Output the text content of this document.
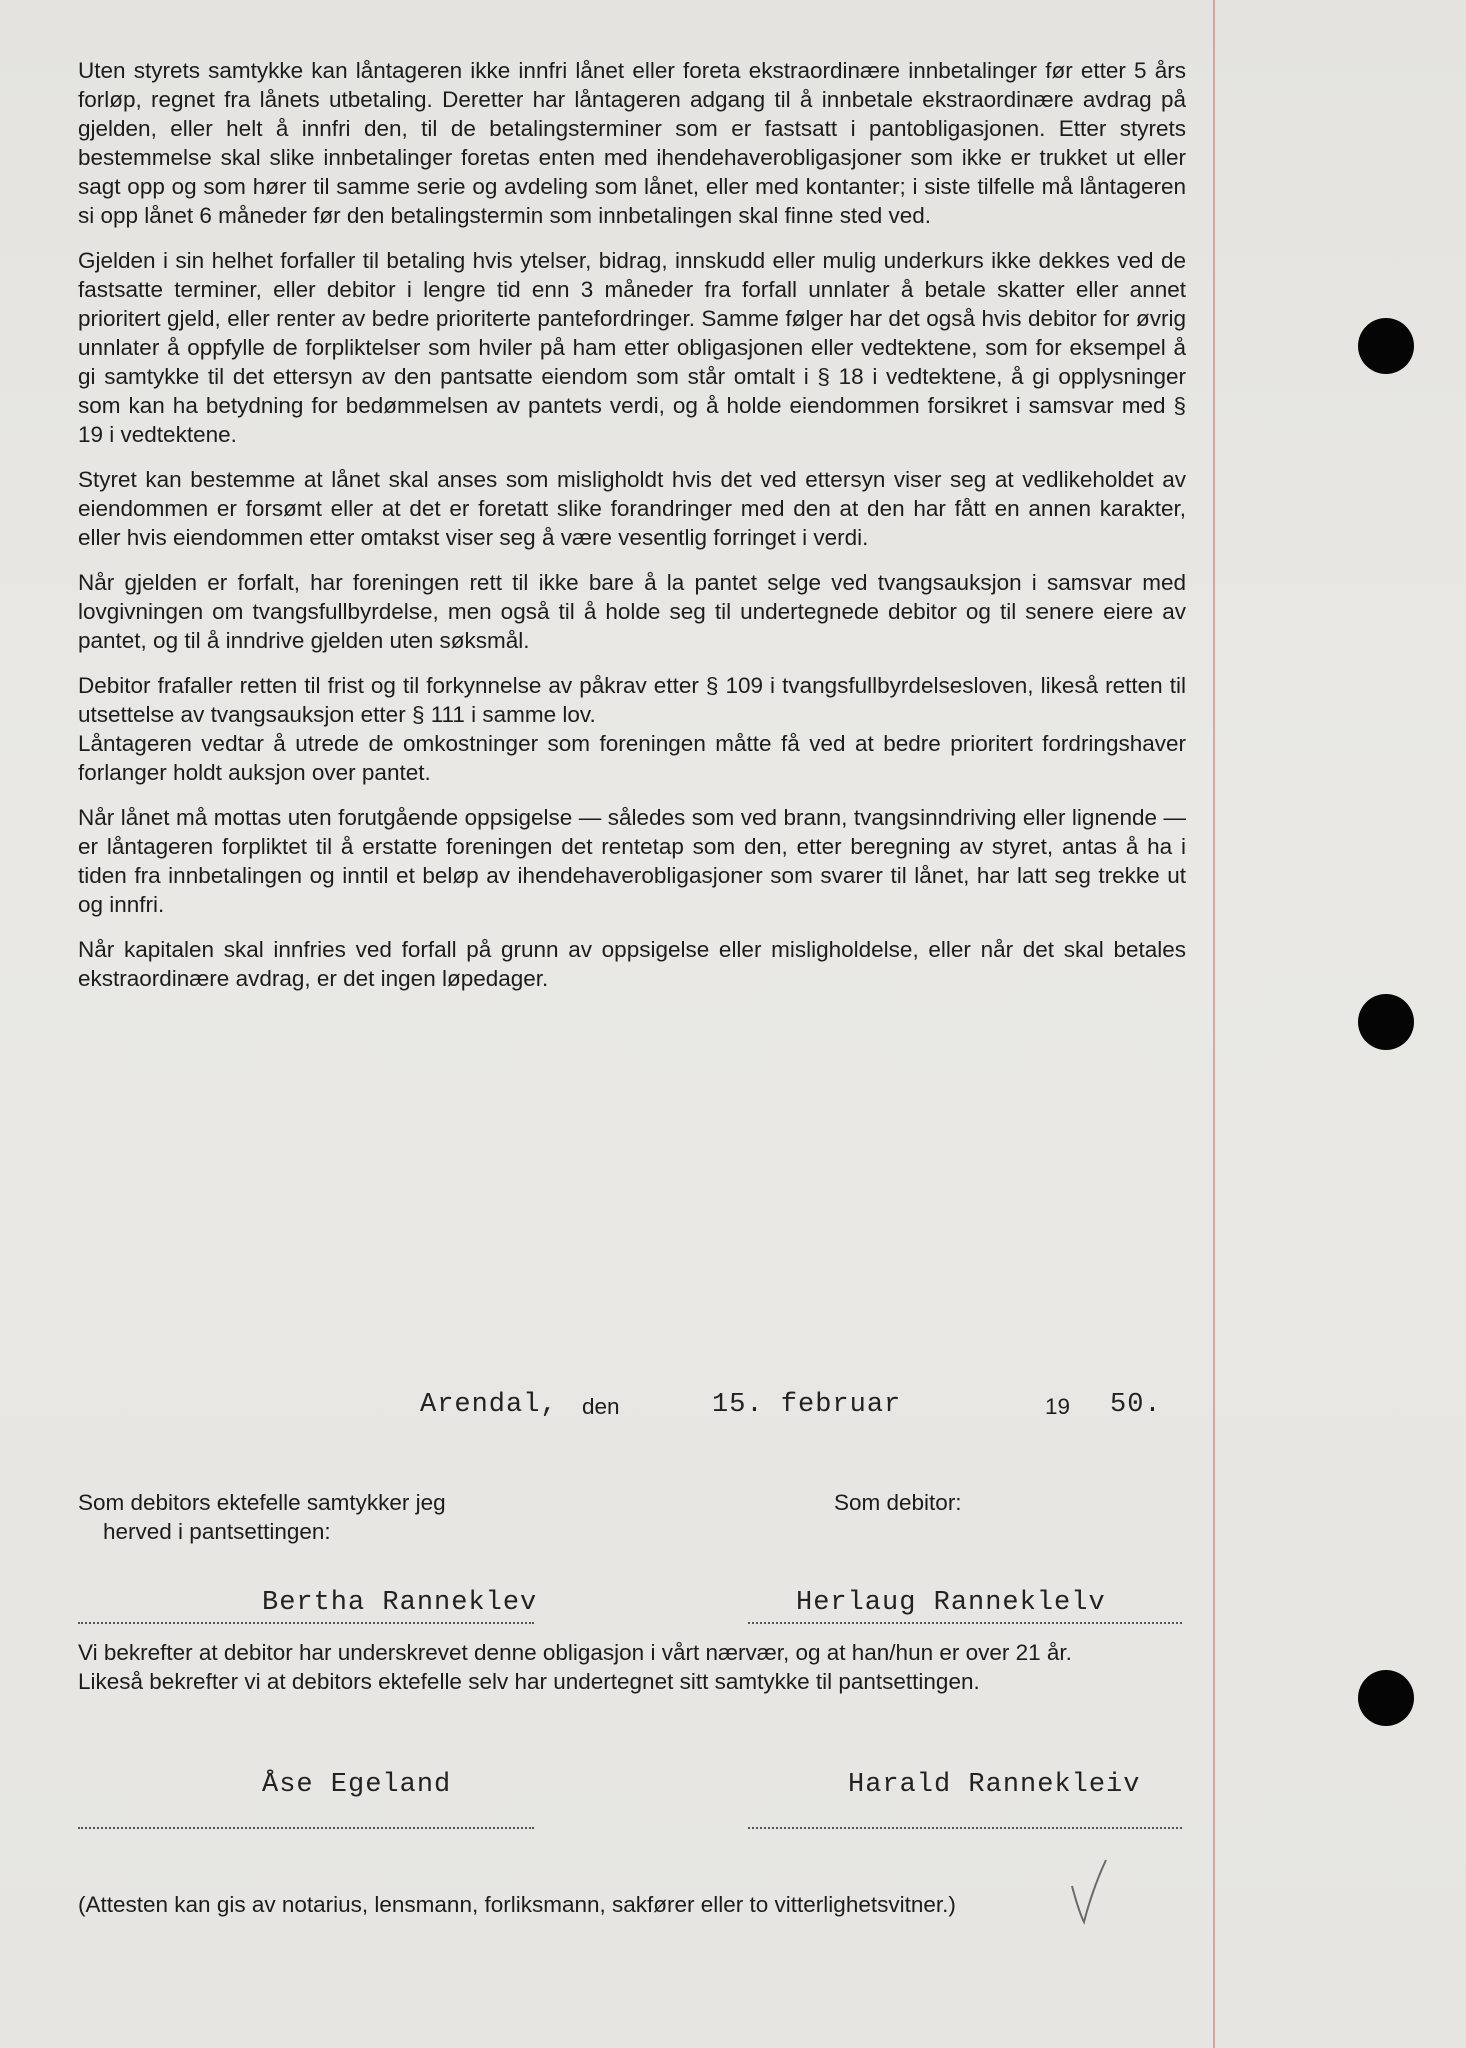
Uten styrets samtykke kan låntageren ikke innfri lånet eller foreta ekstraordinære innbetalinger før etter 5 års forløp, regnet fra lånets utbetaling. Deretter har låntageren adgang til å innbetale ekstraordinære avdrag på gjelden, eller helt å innfri den, til de betalingsterminer som er fastsatt i pantobligasjonen. Etter styrets bestemmelse skal slike innbetalinger foretas enten med ihendehaverobligasjoner som ikke er trukket ut eller sagt opp og som hører til samme serie og avdeling som lånet, eller med kontanter; i siste tilfelle må låntageren si opp lånet 6 måneder før den betalingstermin som innbetalingen skal finne sted ved.

Gjelden i sin helhet forfaller til betaling hvis ytelser, bidrag, innskudd eller mulig underkurs ikke dekkes ved de fastsatte terminer, eller debitor i lengre tid enn 3 måneder fra forfall unnlater å betale skatter eller annet prioritert gjeld, eller renter av bedre prioriterte pantefordringer. Samme følger har det også hvis debitor for øvrig unnlater å oppfylle de forpliktelser som hviler på ham etter obligasjonen eller vedtektene, som for eksempel å gi samtykke til det ettersyn av den pantsatte eiendom som står omtalt i § 18 i vedtektene, å gi opplysninger som kan ha betydning for bedømmelsen av pantets verdi, og å holde eiendommen forsikret i samsvar med § 19 i vedtektene.

Styret kan bestemme at lånet skal anses som misligholdt hvis det ved ettersyn viser seg at vedlikeholdet av eiendommen er forsømt eller at det er foretatt slike forandringer med den at den har fått en annen karakter, eller hvis eiendommen etter omtakst viser seg å være vesentlig forringet i verdi.

Når gjelden er forfalt, har foreningen rett til ikke bare å la pantet selge ved tvangsauksjon i samsvar med lovgivningen om tvangsfullbyrdelse, men også til å holde seg til undertegnede debitor og til senere eiere av pantet, og til å inndrive gjelden uten søksmål.

Debitor frafaller retten til frist og til forkynnelse av påkrav etter § 109 i tvangsfullbyrdelsesloven, likeså retten til utsettelse av tvangsauksjon etter § 111 i samme lov.

Låntageren vedtar å utrede de omkostninger som foreningen måtte få ved at bedre prioritert fordringshaver forlanger holdt auksjon over pantet.

Når lånet må mottas uten forutgående oppsigelse — således som ved brann, tvangsinndriving eller lignende — er låntageren forpliktet til å erstatte foreningen det rentetap som den, etter beregning av styret, antas å ha i tiden fra innbetalingen og inntil et beløp av ihendehaverobligasjoner som svarer til lånet, har latt seg trekke ut og innfri.

Når kapitalen skal innfries ved forfall på grunn av oppsigelse eller misligholdelse, eller når det skal betales ekstraordinære avdrag, er det ingen løpedager.

Arendal, den	15. februar	19 50.
Som debitors ektefelle samtykker jeg
herved i pantsettingen:
Som debitor:
Bertha Ranneklev	Herlaug Ranneklelv
Vi bekrefter at debitor har underskrevet denne obligasjon i vårt nærvær, og at han/hun er over 21 år.
Likeså bekrefter vi at debitors ektefelle selv har undertegnet sitt samtykke til pantsettingen.
Åse Egeland	Harald Rannekleiv
(Attesten kan gis av notarius, lensmann, forliksmann, sakfører eller to vitterlighetsvitner.)
